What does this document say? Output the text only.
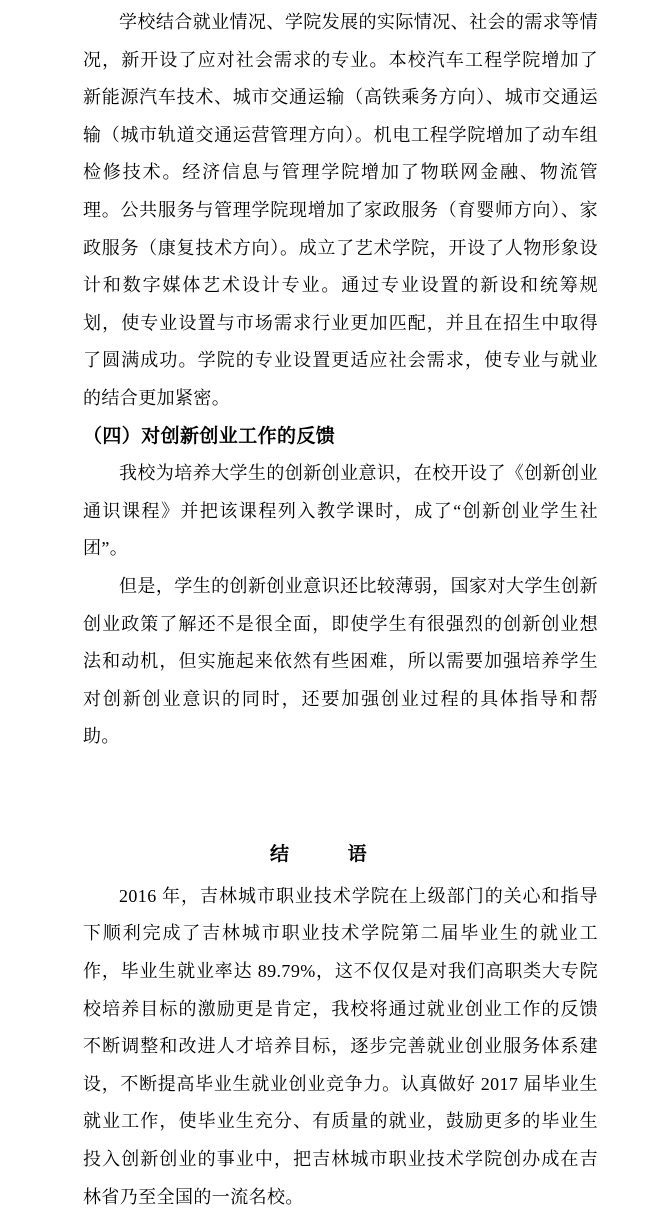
学校结合就业情况、学院发展的实际情况、社会的需求等情况，新开设了应对社会需求的专业。本校汽车工程学院增加了新能源汽车技术、城市交通运输（高铁乘务方向）、城市交通运输（城市轨道交通运营管理方向）。机电工程学院增加了动车组检修技术。经济信息与管理学院增加了物联网金融、物流管理。公共服务与管理学院现增加了家政服务（育婴师方向）、家政服务（康复技术方向）。成立了艺术学院，开设了人物形象设计和数字媒体艺术设计专业。通过专业设置的新设和统筹规划，使专业设置与市场需求行业更加匹配，并且在招生中取得了圆满成功。学院的专业设置更适应社会需求，使专业与就业的结合更加紧密。

（四）对创新创业工作的反馈

我校为培养大学生的创新创业意识，在校开设了《创新创业通识课程》并把该课程列入教学课时，成了“创新创业学生社团”。

但是，学生的创新创业意识还比较薄弱，国家对大学生创新创业政策了解还不是很全面，即使学生有很强烈的创新创业想法和动机，但实施起来依然有些困难，所以需要加强培养学生对创新创业意识的同时，还要加强创业过程的具体指导和帮助。

结　　　语

2016 年，吉林城市职业技术学院在上级部门的关心和指导下顺利完成了吉林城市职业技术学院第二届毕业生的就业工作，毕业生就业率达 89.79%，这不仅仅是对我们高职类大专院校培养目标的激励更是肯定，我校将通过就业创业工作的反馈不断调整和改进人才培养目标，逐步完善就业创业服务体系建设，不断提高毕业生就业创业竞争力。认真做好 2017 届毕业生就业工作，使毕业生充分、有质量的就业，鼓励更多的毕业生投入创新创业的事业中，把吉林城市职业技术学院创办成在吉林省乃至全国的一流名校。
